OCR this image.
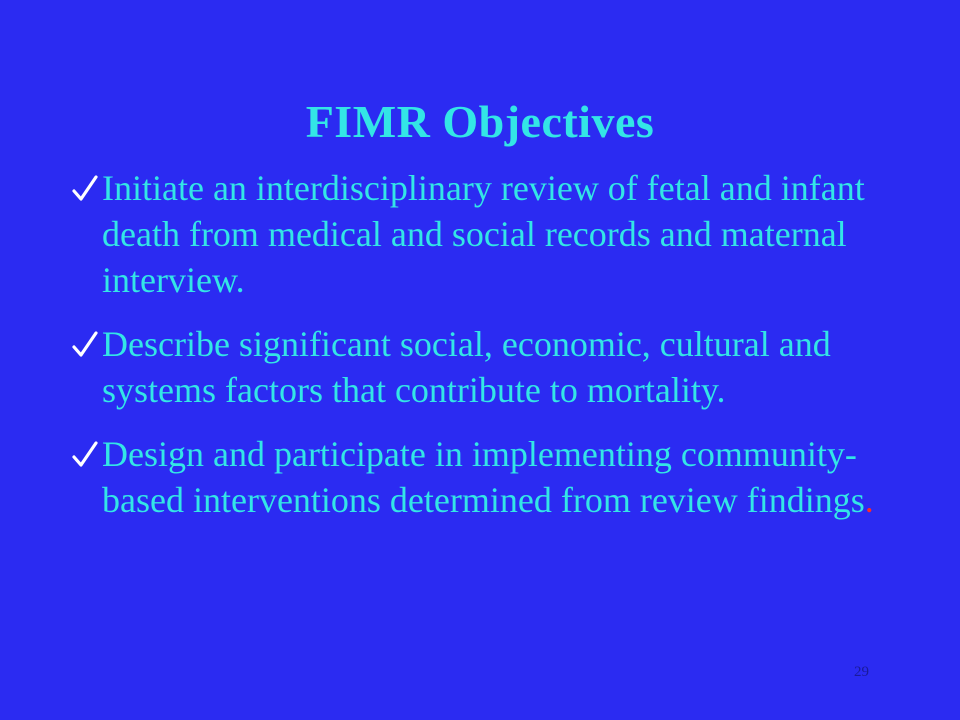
FIMR Objectives
Initiate an interdisciplinary review of fetal and infant death from medical and social records and maternal interview.
Describe significant social, economic, cultural and systems factors that contribute to mortality.
Design and participate in implementing community-based interventions determined from review findings.
29
